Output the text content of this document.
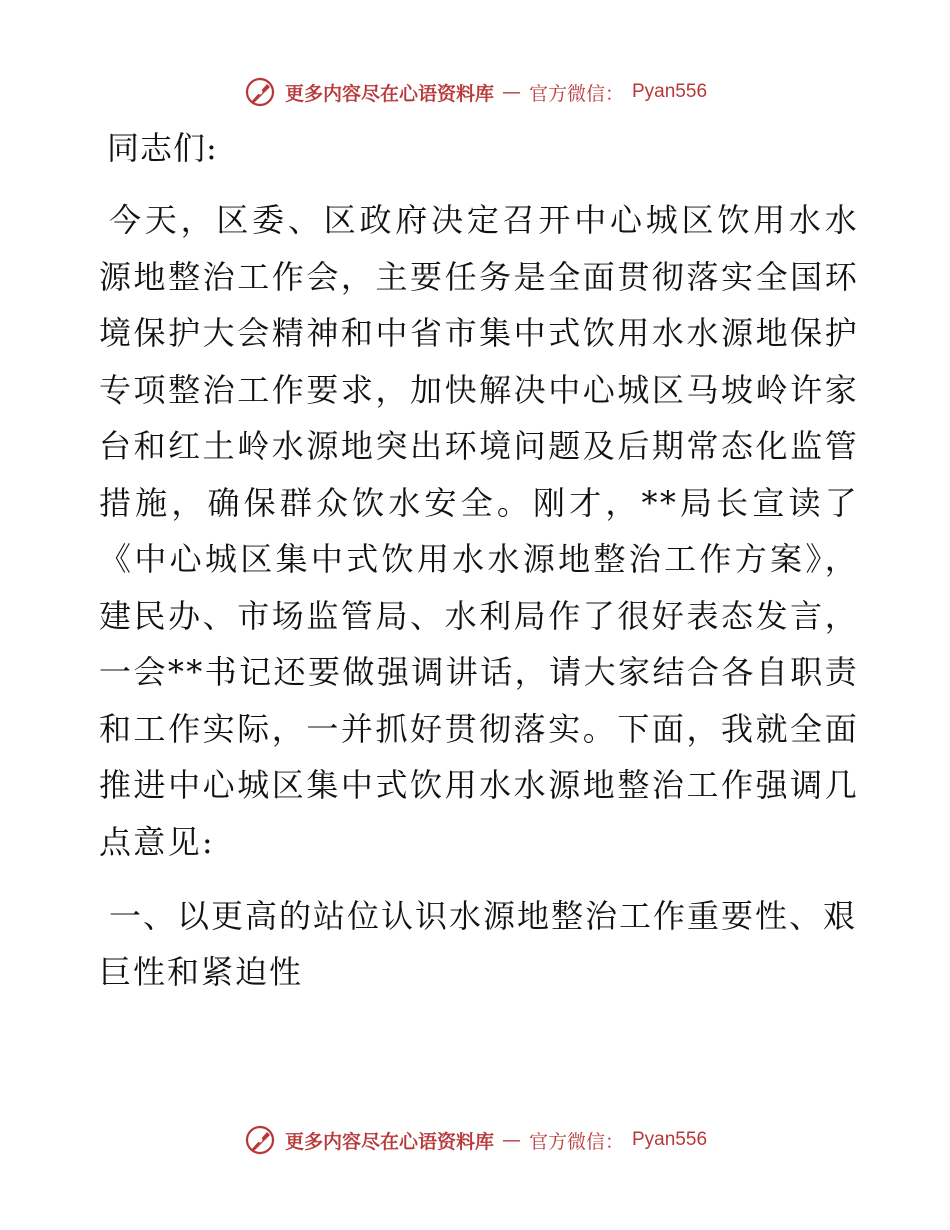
更多内容尽在心语资料库 — 官方微信： Pyan556
同志们:

今天，区委、区政府决定召开中心城区饮用水水源地整治工作会，主要任务是全面贯彻落实全国环境保护大会精神和中省市集中式饮用水水源地保护专项整治工作要求，加快解决中心城区马坡岭许家台和红土岭水源地突出环境问题及后期常态化监管措施，确保群众饮水安全。刚才，**局长宣读了《中心城区集中式饮用水水源地整治工作方案》，建民办、市场监管局、水利局作了很好表态发言，一会**书记还要做强调讲话，请大家结合各自职责和工作实际，一并抓好贯彻落实。下面，我就全面推进中心城区集中式饮用水水源地整治工作强调几点意见:

一、以更高的站位认识水源地整治工作重要性、艰巨性和紧迫性

更多内容尽在心语资料库 — 官方微信： Pyan556
